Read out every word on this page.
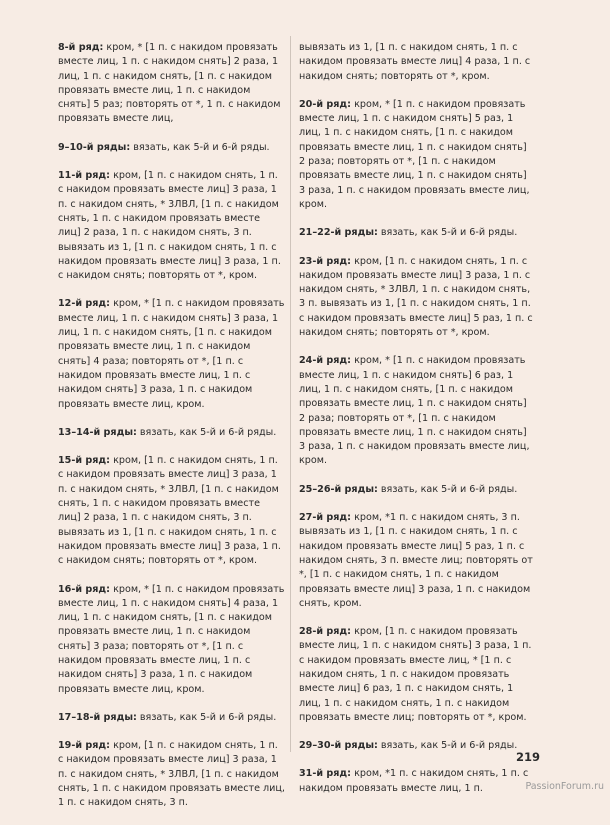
8-й ряд: кром, * [1 п. с накидом провязать вместе лиц, 1 п. с накидом снять] 2 раза, 1 лиц, 1 п. с накидом снять, [1 п. с накидом провязать вместе лиц, 1 п. с накидом снять] 5 раз; повторять от *, 1 п. с накидом провязать вместе лиц,

9–10-й ряды: вязать, как 5-й и 6-й ряды.

11-й ряд: кром, [1 п. с накидом снять, 1 п. с накидом провязать вместе лиц] 3 раза, 1 п. с накидом снять, * 3ЛВЛ, [1 п. с накидом снять, 1 п. с накидом провязать вместе лиц] 2 раза, 1 п. с накидом снять, 3 п. вывязать из 1, [1 п. с накидом снять, 1 п. с накидом провязать вместе лиц] 3 раза, 1 п. с накидом снять; повторять от *, кром.

12-й ряд: кром, * [1 п. с накидом провязать вместе лиц, 1 п. с накидом снять] 3 раза, 1 лиц, 1 п. с накидом снять, [1 п. с накидом провязать вместе лиц, 1 п. с накидом снять] 4 раза; повторять от *, [1 п. с накидом провязать вместе лиц, 1 п. с накидом снять] 3 раза, 1 п. с накидом провязать вместе лиц, кром.

13–14-й ряды: вязать, как 5-й и 6-й ряды.

15-й ряд: кром, [1 п. с накидом снять, 1 п. с накидом провязать вместе лиц] 3 раза, 1 п. с накидом снять, * 3ЛВЛ, [1 п. с накидом снять, 1 п. с накидом провязать вместе лиц] 2 раза, 1 п. с накидом снять, 3 п. вывязать из 1, [1 п. с накидом снять, 1 п. с накидом провязать вместе лиц] 3 раза, 1 п. с накидом снять; повторять от *, кром.

16-й ряд: кром, * [1 п. с накидом провязать вместе лиц, 1 п. с накидом снять] 4 раза, 1 лиц, 1 п. с накидом снять, [1 п. с накидом провязать вместе лиц, 1 п. с накидом снять] 3 раза; повторять от *, [1 п. с накидом провязать вместе лиц, 1 п. с накидом снять] 3 раза, 1 п. с накидом провязать вместе лиц, кром.

17–18-й ряды: вязать, как 5-й и 6-й ряды.

19-й ряд: кром, [1 п. с накидом снять, 1 п. с накидом провязать вместе лиц] 3 раза, 1 п. с накидом снять, * 3ЛВЛ, [1 п. с накидом снять, 1 п. с накидом провязать вместе лиц, 1 п. с накидом снять, 3 п.

вывязать из 1, [1 п. с накидом снять, 1 п. с накидом провязать вместе лиц] 4 раза, 1 п. с накидом снять; повторять от *, кром.

20-й ряд: кром, * [1 п. с накидом провязать вместе лиц, 1 п. с накидом снять] 5 раз, 1 лиц, 1 п. с накидом снять, [1 п. с накидом провязать вместе лиц, 1 п. с накидом снять] 2 раза; повторять от *, [1 п. с накидом провязать вместе лиц, 1 п. с накидом снять] 3 раза, 1 п. с накидом провязать вместе лиц, кром.

21–22-й ряды: вязать, как 5-й и 6-й ряды.

23-й ряд: кром, [1 п. с накидом снять, 1 п. с накидом провязать вместе лиц] 3 раза, 1 п. с накидом снять, * 3ЛВЛ, 1 п. с накидом снять, 3 п. вывязать из 1, [1 п. с накидом снять, 1 п. с накидом провязать вместе лиц] 5 раз, 1 п. с накидом снять; повторять от *, кром.

24-й ряд: кром, * [1 п. с накидом провязать вместе лиц, 1 п. с накидом снять] 6 раз, 1 лиц, 1 п. с накидом снять, [1 п. с накидом провязать вместе лиц, 1 п. с накидом снять] 2 раза; повторять от *, [1 п. с накидом провязать вместе лиц, 1 п. с накидом снять] 3 раза, 1 п. с накидом провязать вместе лиц, кром.

25–26-й ряды: вязать, как 5-й и 6-й ряды.

27-й ряд: кром, *1 п. с накидом снять, 3 п. вывязать из 1, [1 п. с накидом снять, 1 п. с накидом провязать вместе лиц] 5 раз, 1 п. с накидом снять, 3 п. вместе лиц; повторять от *, [1 п. с накидом снять, 1 п. с накидом провязать вместе лиц] 3 раза, 1 п. с накидом снять, кром.

28-й ряд: кром, [1 п. с накидом провязать вместе лиц, 1 п. с накидом снять] 3 раза, 1 п. с накидом провязать вместе лиц, * [1 п. с накидом снять, 1 п. с накидом провязать вместе лиц] 6 раз, 1 п. с накидом снять, 1 лиц, 1 п. с накидом снять, 1 п. с накидом провязать вместе лиц; повторять от *, кром.

29–30-й ряды: вязать, как 5-й и 6-й ряды.

31-й ряд: кром, *1 п. с накидом снять, 1 п. с накидом провязать вместе лиц, 1 п.

219
PassionForum.ru
